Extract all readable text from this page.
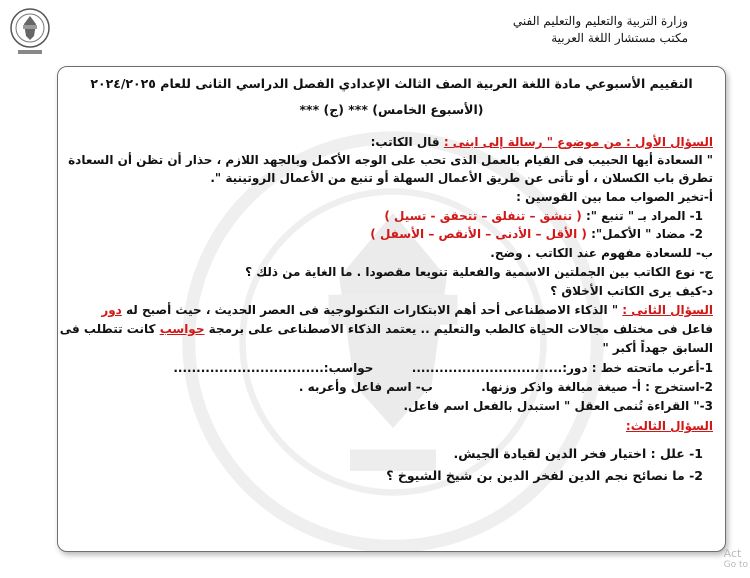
وزارة التربية والتعليم والتعليم الفني
مكتب مستشار اللغة العربية
التقييم الأسبوعي مادة اللغة العربية الصف الثالث الإعدادي الفصل الدراسي الثانى للعام ٢٠٢٤/٢٠٢٥
*** (ج) *** (الأسبوع الخامس)
السؤال الأول : من موضوع " رسالة إلى ابنى : قال الكاتب:
" السعادة أيها الحبيب فى القيام بالعمل الذى تحب على الوجه الأكمل وبالجهد اللازم ، حذار أن تظن أن السعادة
تطرق باب الكسلان ، أو تأتى عن طريق الأعمال السهلة أو تنبع من الأعمال الروتينية ".
أ-تخير الصواب مما بين القوسين :
1- المراد بـ " تنبع ": ( تنشق – تنفلق – تتحقق - تسيل )
2- مضاد " الأكمل": ( الأقل – الأدنى – الأنقص – الأسفل )
ب- للسعادة مفهوم عند الكاتب . وضح.
ج- نوع الكاتب بين الجملتين الاسمية والفعلية تنويعا مقصودا . ما الغاية من ذلك ؟
د-كيف يرى الكاتب الأخلاق ؟
السؤال الثانى : " الذكاء الاصطناعى أحد أهم الابتكارات التكنولوجية فى العصر الحديث ، حيث أصبح له دور
فاعل فى مختلف مجالات الحياة كالطب والتعليم .. يعتمد الذكاء الاصطناعى على برمجة حواسب كانت تتطلب فى
السابق جهداً أكبر "
1-أعرب ماتحته خط : دور:.................................  حواسب:.................................
2-استخرج : أ- صيغة مبالغة واذكر وزنها.  ب- اسم فاعل وأعربه .
3-" القراءة تُنمى العقل " استبدل بالفعل اسم فاعل.
السؤال الثالث:
1- علل : اختيار فخر الدين لقيادة الجيش.
2- ما نصائح نجم الدين لفخر الدين بن شيخ الشيوخ ؟
Act
Go to
